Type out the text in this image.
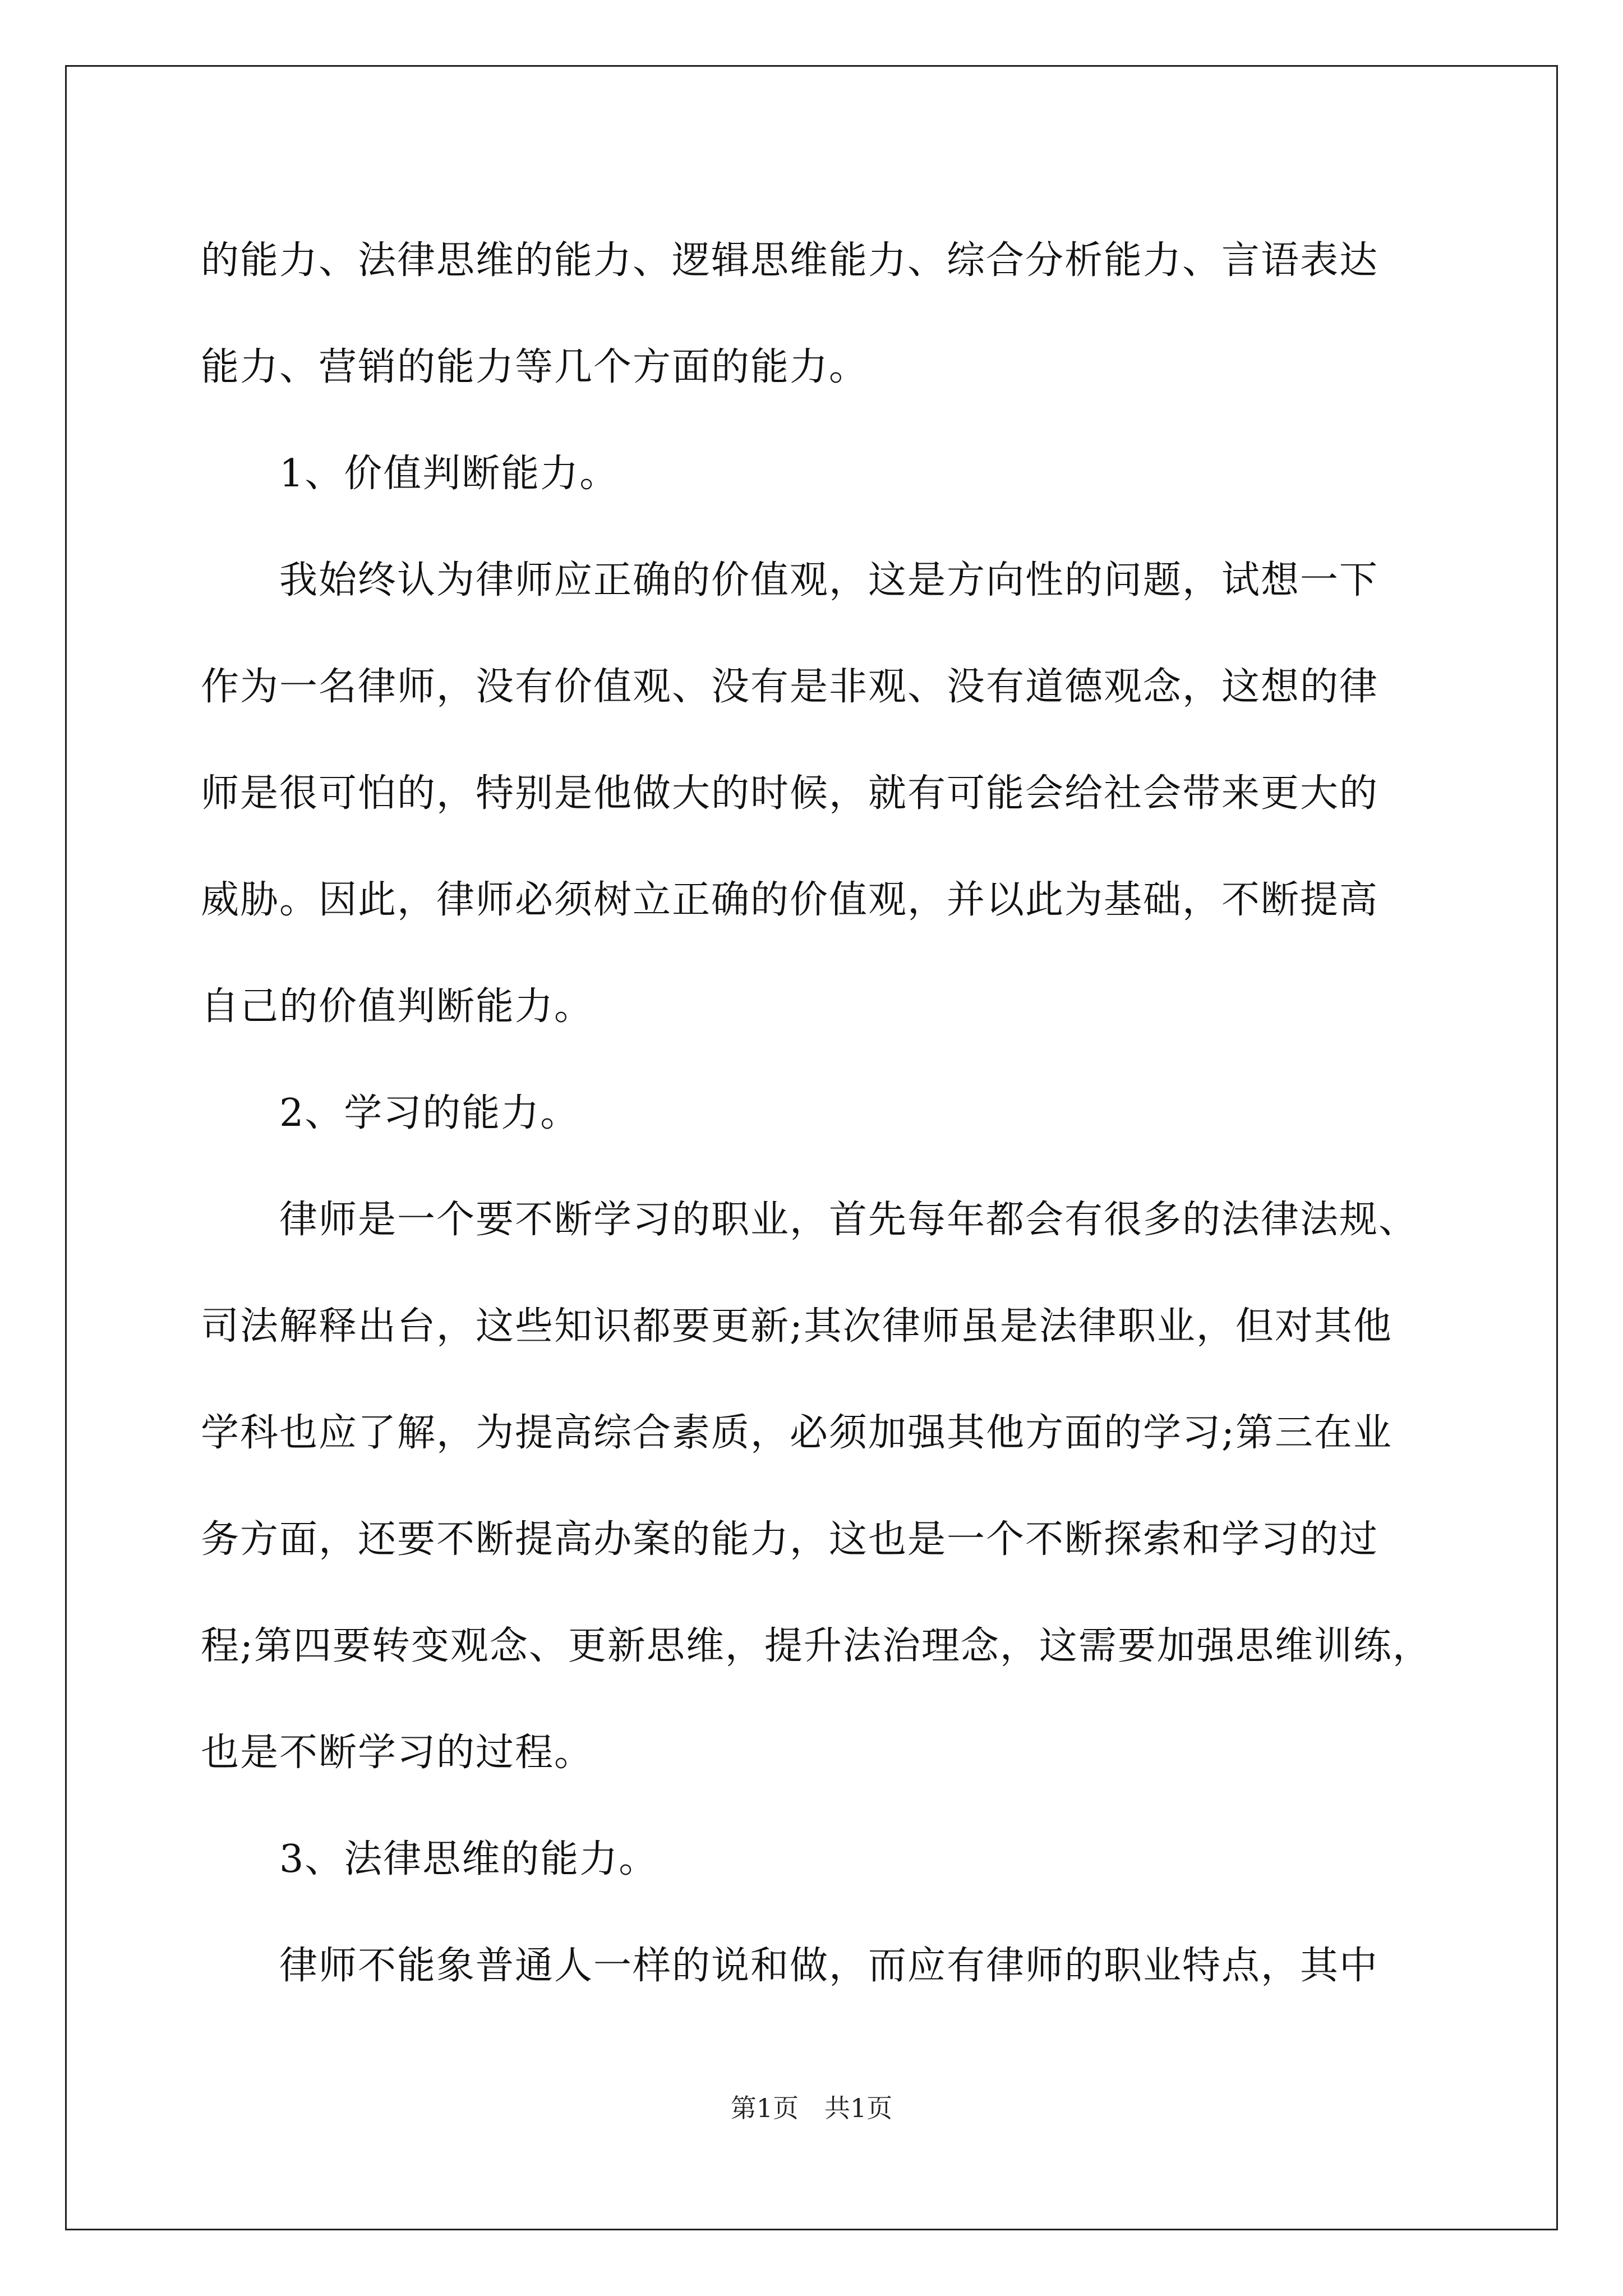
的能力、法律思维的能力、逻辑思维能力、综合分析能力、言语表达

能力、营销的能力等几个方面的能力。

1、价值判断能力。

我始终认为律师应正确的价值观，这是方向性的问题，试想一下

作为一名律师，没有价值观、没有是非观、没有道德观念，这想的律

师是很可怕的，特别是他做大的时候，就有可能会给社会带来更大的

威胁。因此，律师必须树立正确的价值观，并以此为基础，不断提高

自己的价值判断能力。

2、学习的能力。

律师是一个要不断学习的职业，首先每年都会有很多的法律法规、

司法解释出台，这些知识都要更新;其次律师虽是法律职业，但对其他

学科也应了解，为提高综合素质，必须加强其他方面的学习;第三在业

务方面，还要不断提高办案的能力，这也是一个不断探索和学习的过

程;第四要转变观念、更新思维，提升法治理念，这需要加强思维训练，

也是不断学习的过程。

3、法律思维的能力。

律师不能象普通人一样的说和做，而应有律师的职业特点，其中

第1页　共1页
